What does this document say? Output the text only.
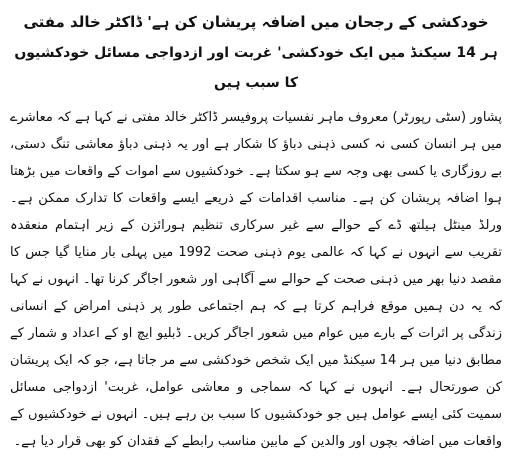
خودکشی کے رجحان میں اضافہ پریشان کن ہے' ڈاکٹر خالد مفتی
ہر 14 سیکنڈ میں ایک خودکشی' غربت اور ازدواجی مسائل خودکشیوں کا سبب ہیں

پشاور (سٹی رپورٹر) معروف ماہر نفسیات پروفیسر ڈاکٹر خالد مفتی نے کہا ہے کہ معاشرے میں ہر انسان کسی نہ کسی ذہنی دباؤ کا شکار ہے اور یہ ذہنی دباؤ معاشی تنگ دستی، بے روزگاری یا کسی بھی وجہ سے ہو سکتا ہے۔ خودکشیوں سے اموات کے واقعات میں بڑھتا ہوا اضافہ پریشان کن ہے۔ مناسب اقدامات کے ذریعے ایسے واقعات کا تدارک ممکن ہے۔ ورلڈ مینٹل ہیلتھ ڈے کے حوالے سے غیر سرکاری تنظیم ہورائزن کے زیر اہتمام منعقدہ تقریب سے انہوں نے کہا کہ عالمی یوم ذہنی صحت 1992 میں پہلی بار منایا گیا جس کا مقصد دنیا بھر میں ذہنی صحت کے حوالے سے آگاہی اور شعور اجاگر کرنا تھا۔ انہوں نے کہا کہ یہ دن ہمیں موقع فراہم کرتا ہے کہ ہم اجتماعی طور پر ذہنی امراض کے انسانی زندگی پر اثرات کے بارے میں عوام میں شعور اجاگر کریں۔ ڈبلیو ایچ او کے اعداد و شمار کے مطابق دنیا میں ہر 14 سیکنڈ میں ایک شخص خودکشی سے مر جاتا ہے، جو کہ ایک پریشان کن صورتحال ہے۔ انہوں نے کہا کہ سماجی و معاشی عوامل، غربت' ازدواجی مسائل سمیت کئی ایسے عوامل ہیں جو خودکشیوں کا سبب بن رہے ہیں۔ انہوں نے خودکشیوں کے واقعات میں اضافہ بچوں اور والدین کے مابین مناسب رابطے کے فقدان کو بھی قرار دیا ہے۔
